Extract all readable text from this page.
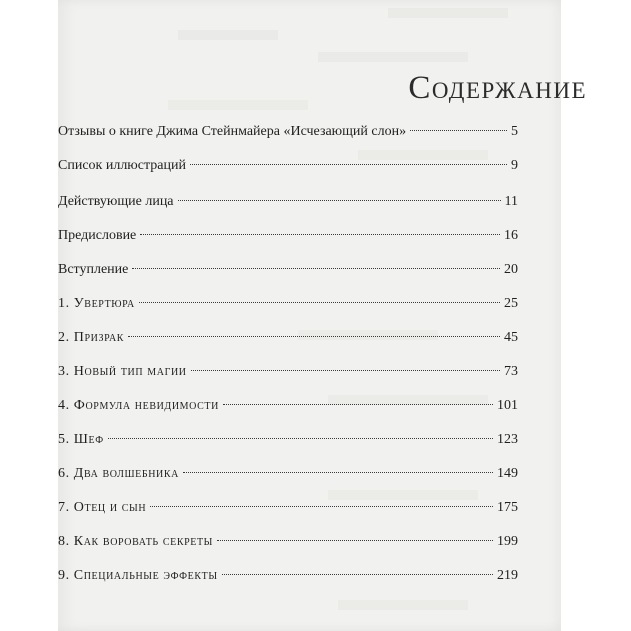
Содержание
Отзывы о книге Джима Стейнмайера «Исчезающий слон»	5
Список иллюстраций	9
Действующие лица	11
Предисловие	16
Вступление	20
1. Увертюра	25
2. Призрак	45
3. Новый тип магии	73
4. Формула невидимости	101
5. Шеф	123
6. Два волшебника	149
7. Отец и сын	175
8. Как воровать секреты	199
9. Специальные эффекты	219
